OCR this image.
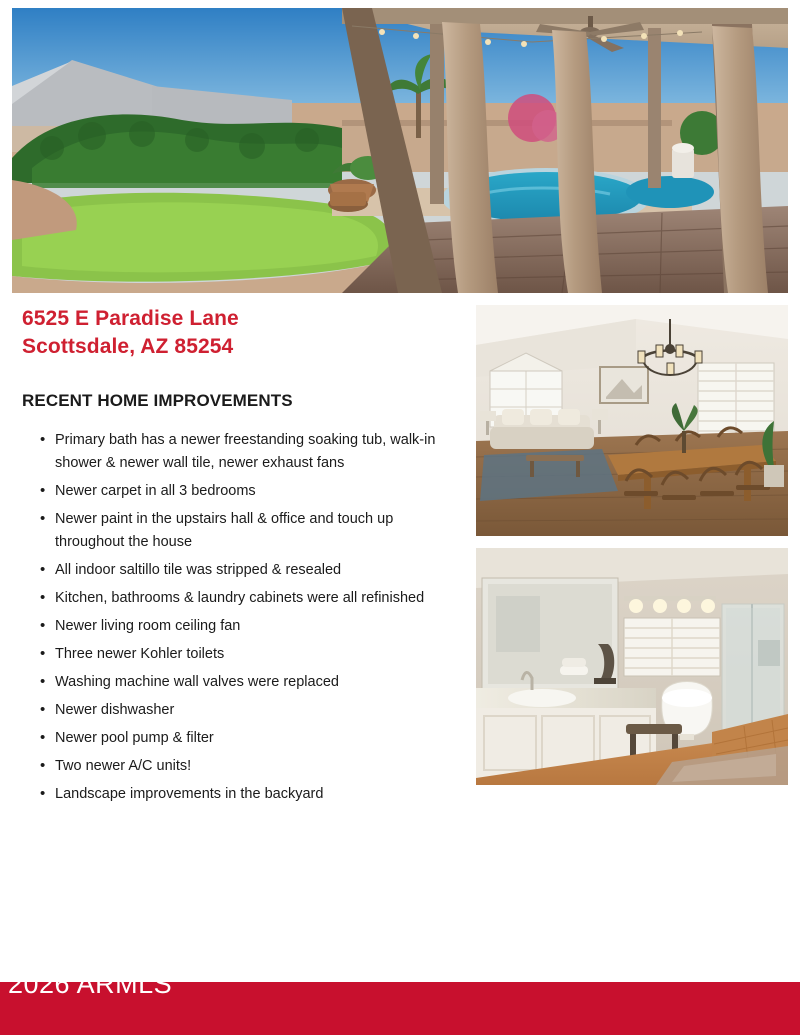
6525 E Paradise Lane
Scottsdale, AZ 85254
RECENT HOME IMPROVEMENTS
• Primary bath has a newer freestanding soaking tub, walk-in shower & newer wall tile, newer exhaust fans
• Newer carpet in all 3 bedrooms
• Newer paint in the upstairs hall & office and touch up throughout the house
• All indoor saltillo tile was stripped & resealed
• Kitchen, bathrooms & laundry cabinets were all refinished
• Newer living room ceiling fan
• Three newer Kohler toilets
• Washing machine wall valves were replaced
• Newer dishwasher
• Newer pool pump & filter
• Two newer A/C units!
• Landscape improvements in the backyard
2026 ARMLS
